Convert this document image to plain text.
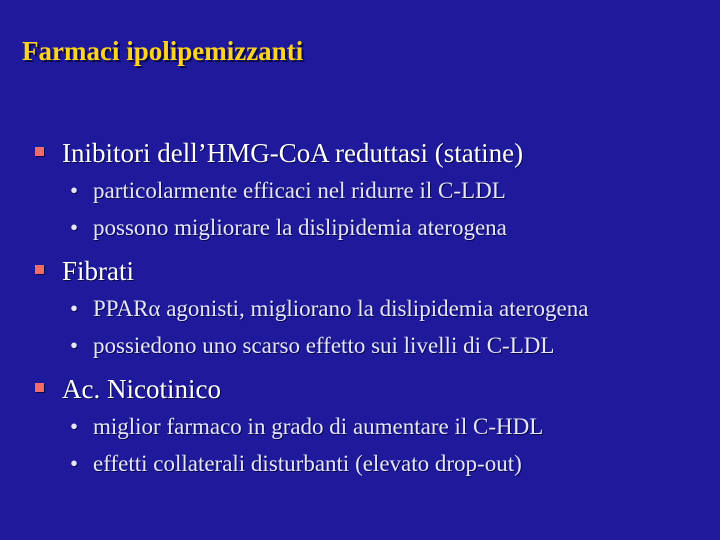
Farmaci ipolipemizzanti
Inibitori dell’HMG-CoA reduttasi (statine)
• particolarmente efficaci nel ridurre il C-LDL
• possono migliorare la dislipidemia aterogena
Fibrati
• PPARα agonisti, migliorano la dislipidemia aterogena
• possiedono uno scarso effetto sui livelli di C-LDL
Ac. Nicotinico
• miglior farmaco in grado di aumentare il C-HDL
• effetti collaterali disturbanti (elevato drop-out)
